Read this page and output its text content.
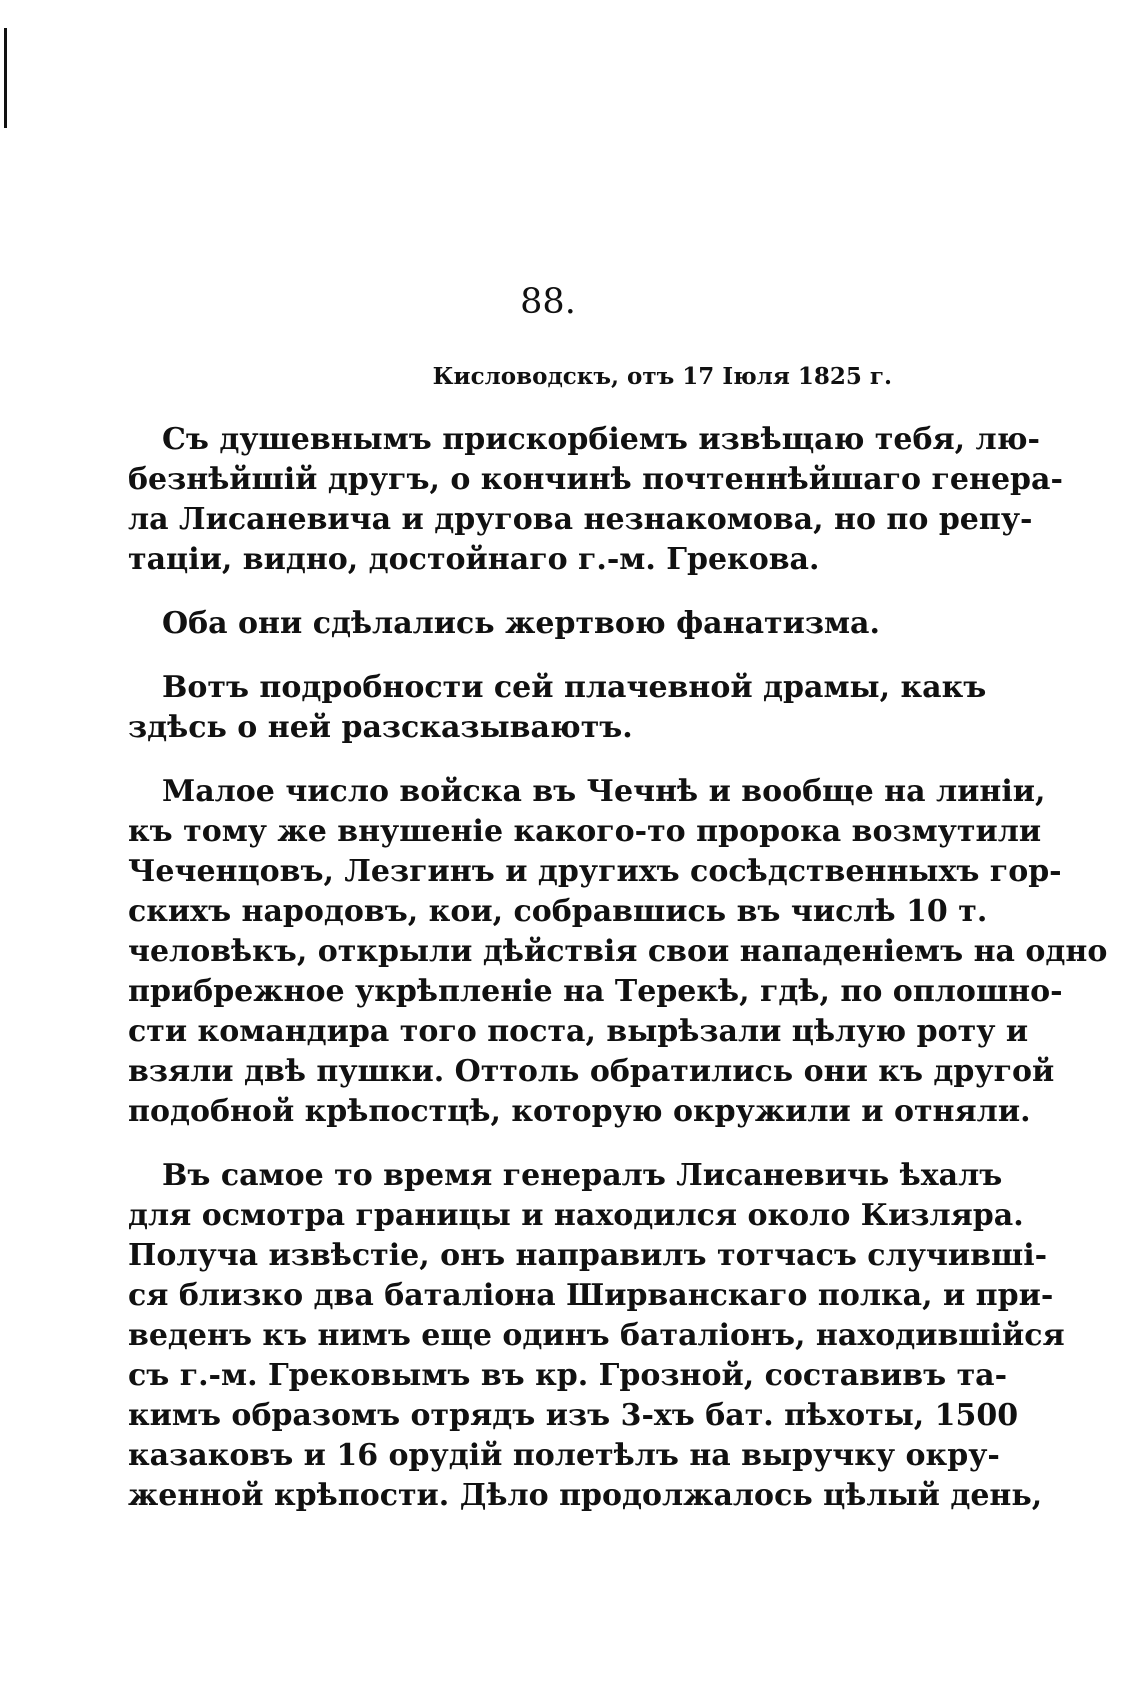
88.
Кисловодскъ, отъ 17 Іюля 1825 г.
Съ душевнымъ прискорбіемъ извѣщаю тебя, лю-
безнѣйшій другъ, о кончинѣ почтеннѣйшаго генера-
ла Лисаневича и другова незнакомова, но по репу-
таціи, видно, достойнаго г.-м. Грекова.
Оба они сдѣлались жертвою фанатизма.
Вотъ подробности сей плачевной драмы, какъ
здѣсь о ней разсказываютъ.
Малое число войска въ Чечнѣ и вообще на линіи,
къ тому же внушеніе какого-то пророка возмутили
Чеченцовъ, Лезгинъ и другихъ сосѣдственныхъ гор-
скихъ народовъ, кои, собравшись въ числѣ 10 т.
человѣкъ, открыли дѣйствія свои нападеніемъ на одно
прибрежное укрѣпленіе на Терекѣ, гдѣ, по оплошно-
сти командира того поста, вырѣзали цѣлую роту и
взяли двѣ пушки. Оттоль обратились они къ другой
подобной крѣпостцѣ, которую окружили и отняли.
Въ самое то время генералъ Лисаневичь ѣхалъ
для осмотра границы и находился около Кизляра.
Получа извѣстіе, онъ направилъ тотчасъ случивші-
ся близко два баталіона Ширванскаго полка, и при-
веденъ къ нимъ еще одинъ баталіонъ, находившійся
съ г.-м. Грековымъ въ кр. Грозной, составивъ та-
кимъ образомъ отрядъ изъ 3-хъ бат. пѣхоты, 1500
казаковъ и 16 орудій полетѣлъ на выручку окру-
женной крѣпости. Дѣло продолжалось цѣлый день,
